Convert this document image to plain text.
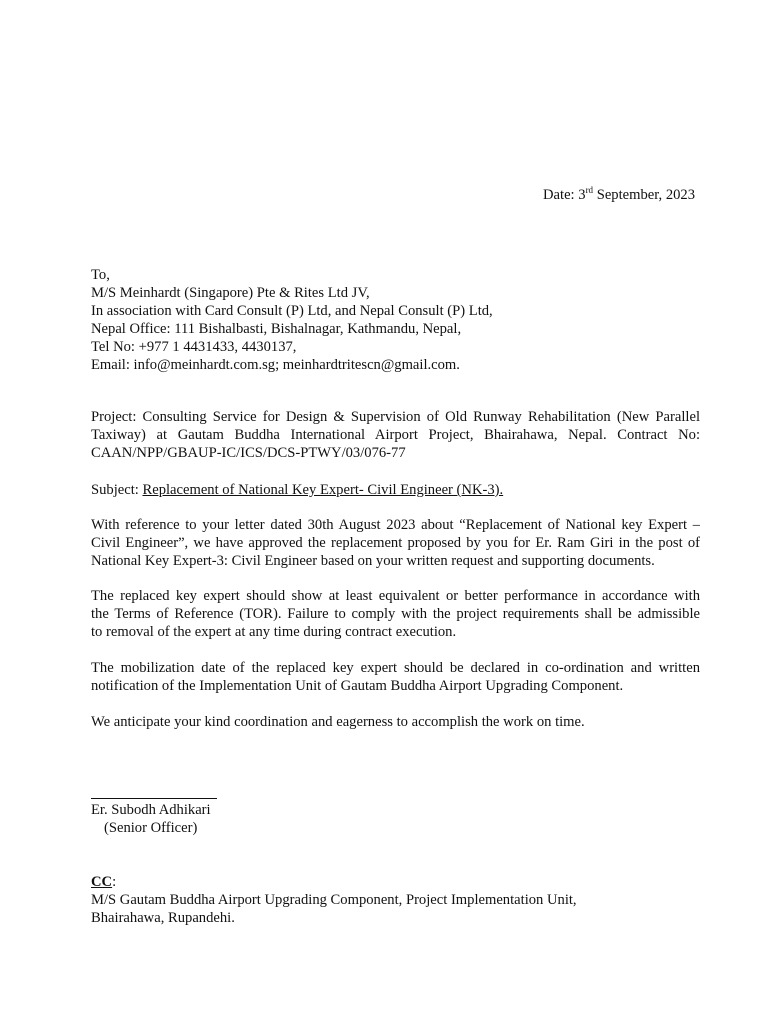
Date: 3rd September, 2023
To,
M/S Meinhardt (Singapore) Pte & Rites Ltd JV,
In association with Card Consult (P) Ltd, and Nepal Consult (P) Ltd,
Nepal Office: 111 Bishalbasti, Bishalnagar, Kathmandu, Nepal,
Tel No: +977 1 4431433, 4430137,
Email: info@meinhardt.com.sg; meinhardtritescn@gmail.com.
Project: Consulting Service for Design & Supervision of Old Runway Rehabilitation (New Parallel
Taxiway) at Gautam Buddha International Airport Project, Bhairahawa, Nepal. Contract No:
CAAN/NPP/GBAUP-IC/ICS/DCS-PTWY/03/076-77
Subject: Replacement of National Key Expert- Civil Engineer (NK-3).
With reference to your letter dated 30th August 2023 about “Replacement of National key Expert –
Civil Engineer”, we have approved the replacement proposed by you for Er. Ram Giri in the post of
National Key Expert-3: Civil Engineer based on your written request and supporting documents.
The replaced key expert should show at least equivalent or better performance in accordance with
the Terms of Reference (TOR). Failure to comply with the project requirements shall be admissible
to removal of the expert at any time during contract execution.
The mobilization date of the replaced key expert should be declared in co-ordination and written
notification of the Implementation Unit of Gautam Buddha Airport Upgrading Component.
We anticipate your kind coordination and eagerness to accomplish the work on time.
Er. Subodh Adhikari
(Senior Officer)
CC:
M/S Gautam Buddha Airport Upgrading Component, Project Implementation Unit,
Bhairahawa, Rupandehi.
